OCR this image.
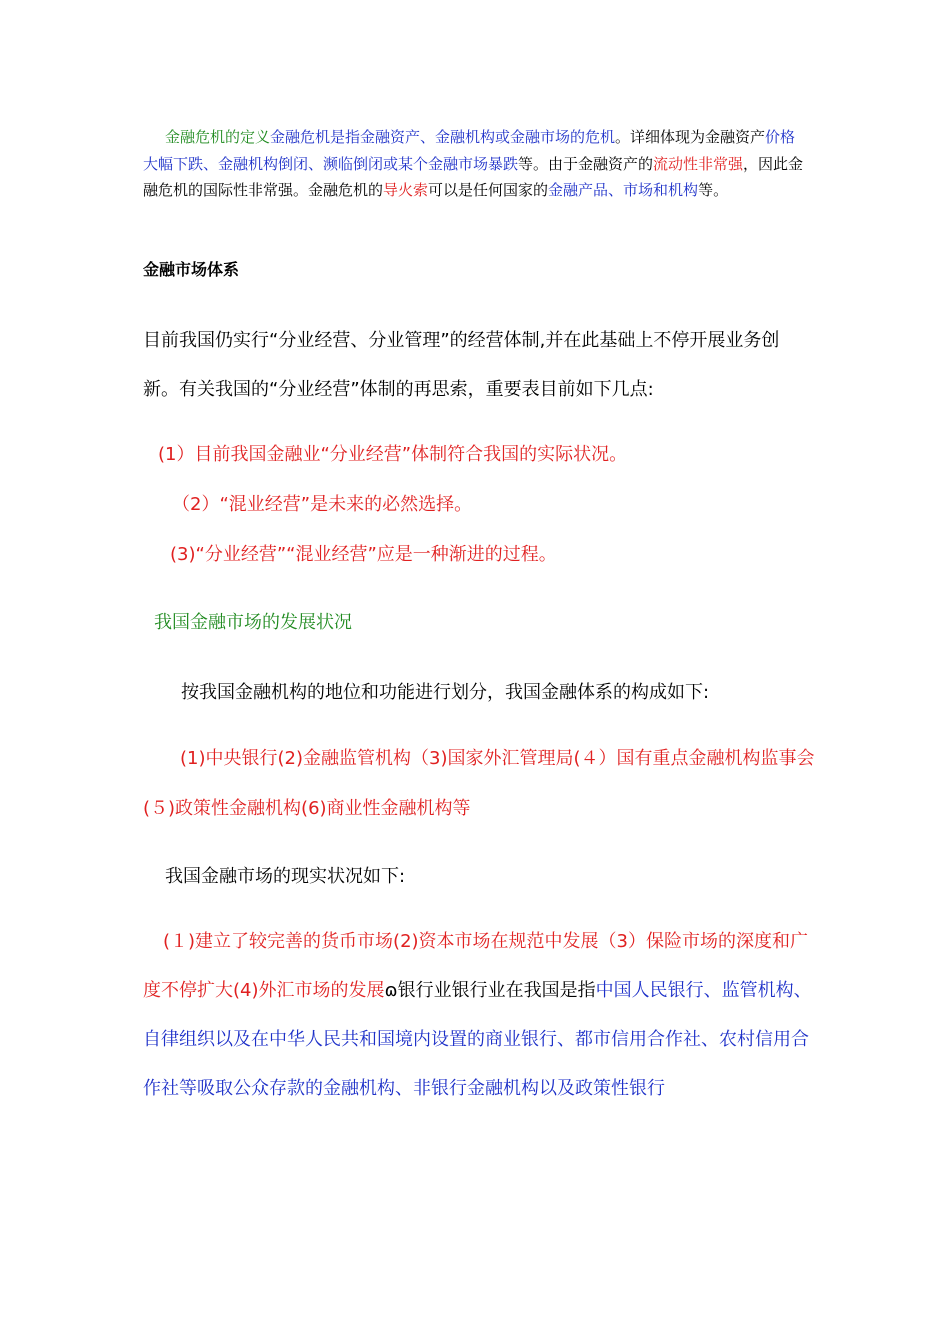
金融危机的定义金融危机是指金融资产、金融机构或金融市场的危机。详细体现为金融资产价格大幅下跌、金融机构倒闭、濒临倒闭或某个金融市场暴跌等。由于金融资产的流动性非常强，因此金融危机的国际性非常强。金融危机的导火索可以是任何国家的金融产品、市场和机构等。
金融市场体系
目前我国仍实行“分业经营、分业管理”的经营体制,并在此基础上不停开展业务创新。有关我国的“分业经营”体制的再思索，重要表目前如下几点:
(1）目前我国金融业“分业经营”体制符合我国的实际状况。
（2）“混业经营”是未来的必然选择。
(3)“分业经营”“混业经营”应是一种渐进的过程。
我国金融市场的发展状况
按我国金融机构的地位和功能进行划分，我国金融体系的构成如下:
(1)中央银行(2)金融监管机构（3)国家外汇管理局(４）国有重点金融机构监事会(５)政策性金融机构(6)商业性金融机构等
我国金融市场的现实状况如下:
(１)建立了较完善的货币市场(2)资本市场在规范中发展（3）保险市场的深度和广度不停扩大(4)外汇市场的发展ɷ银行业银行业在我国是指中国人民银行、监管机构、自律组织以及在中华人民共和国境内设置的商业银行、都市信用合作社、农村信用合作社等吸取公众存款的金融机构、非银行金融机构以及政策性银行
